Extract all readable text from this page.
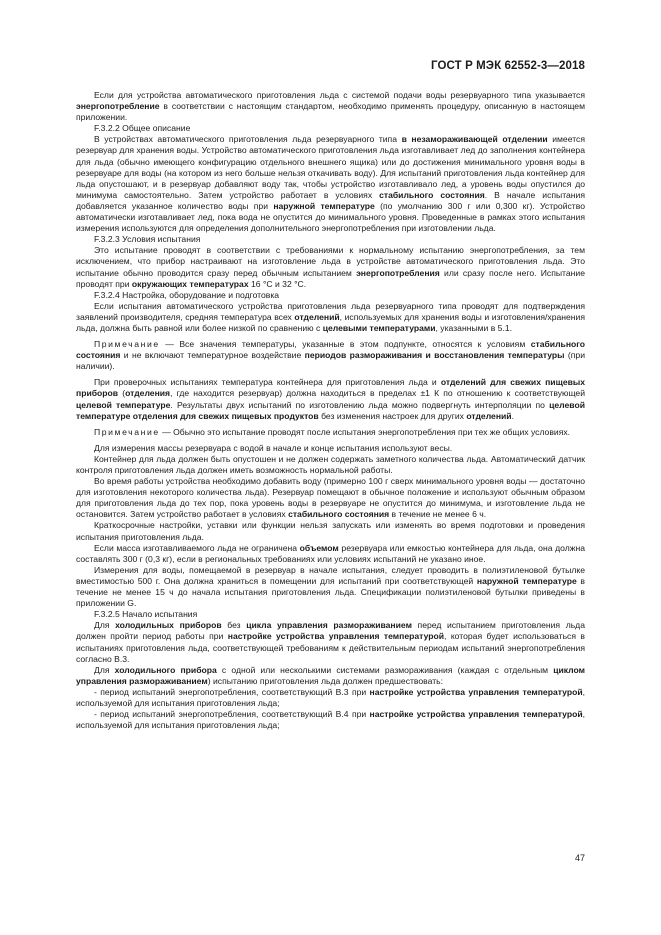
ГОСТ Р МЭК 62552-3—2018

Если для устройства автоматического приготовления льда с системой подачи воды резервуарного типа указывается энергопотребление в соответствии с настоящим стандартом, необходимо применять процедуру, описанную в настоящем приложении.

F.3.2.2 Общее описание

В устройствах автоматического приготовления льда резервуарного типа в незамораживающей отделении имеется резервуар для хранения воды. Устройство автоматического приготовления льда изготавливает лед до заполнения контейнера для льда (обычно имеющего конфигурацию отдельного внешнего ящика) или до достижения минимального уровня воды в резервуаре для воды (на котором из него больше нельзя откачивать воду). Для испытаний приготовления льда контейнер для льда опустошают, и в резервуар добавляют воду так, чтобы устройство изготавливало лед, а уровень воды опустился до минимума самостоятельно. Затем устройство работает в условиях стабильного состояния. В начале испытания добавляется указанное количество воды при наружной температуре (по умолчанию 300 г или 0,300 кг). Устройство автоматически изготавливает лед, пока вода не опустится до минимального уровня. Проведенные в рамках этого испытания измерения используются для определения дополнительного энергопотребления при изготовлении льда.

F.3.2.3 Условия испытания

Это испытание проводят в соответствии с требованиями к нормальному испытанию энергопотребления, за тем исключением, что прибор настраивают на изготовление льда в устройстве автоматического приготовления льда. Это испытание обычно проводится сразу перед обычным испытанием энергопотребления или сразу после него. Испытание проводят при окружающих температурах 16 °С и 32 °С.

F.3.2.4 Настройка, оборудование и подготовка

Если испытания автоматического устройства приготовления льда резервуарного типа проводят для подтверждения заявлений производителя, средняя температура всех отделений, используемых для хранения воды и изготовления/хранения льда, должна быть равной или более низкой по сравнению с целевыми температурами, указанными в 5.1.

Примечание — Все значения температуры, указанные в этом подпункте, относятся к условиям стабильного состояния и не включают температурное воздействие периодов размораживания и восстановления температуры (при наличии).

При проверочных испытаниях температура контейнера для приготовления льда и отделений для свежих пищевых приборов (отделения, где находится резервуар) должна находиться в пределах ±1 К по отношению к соответствующей целевой температуре. Результаты двух испытаний по изготовлению льда можно подвергнуть интерполяции по целевой температуре отделения для свежих пищевых продуктов без изменения настроек для других отделений.

Примечание — Обычно это испытание проводят после испытания энергопотребления при тех же общих условиях.

Для измерения массы резервуара с водой в начале и конце испытания используют весы.

Контейнер для льда должен быть опустошен и не должен содержать заметного количества льда. Автоматический датчик контроля приготовления льда должен иметь возможность нормальной работы.

Во время работы устройства необходимо добавить воду (примерно 100 г сверх минимального уровня воды — достаточно для изготовления некоторого количества льда). Резервуар помещают в обычное положение и используют обычным образом для приготовления льда до тех пор, пока уровень воды в резервуаре не опустится до минимума, и изготовление льда не остановится. Затем устройство работает в условиях стабильного состояния в течение не менее 6 ч.

Краткосрочные настройки, уставки или функции нельзя запускать или изменять во время подготовки и проведения испытания приготовления льда.

Если масса изготавливаемого льда не ограничена объемом резервуара или емкостью контейнера для льда, она должна составлять 300 г (0,3 кг), если в региональных требованиях или условиях испытаний не указано иное.

Измерения для воды, помещаемой в резервуар в начале испытания, следует проводить в полиэтиленовой бутылке вместимостью 500 г. Она должна храниться в помещении для испытаний при соответствующей наружной температуре в течение не менее 15 ч до начала испытания приготовления льда. Спецификации полиэтиленовой бутылки приведены в приложении G.

F.3.2.5 Начало испытания

Для холодильных приборов без цикла управления размораживанием перед испытанием приготовления льда должен пройти период работы при настройке устройства управления температурой, которая будет использоваться в испытаниях приготовления льда, соответствующей требованиям к действительным периодам испытаний энергопотребления согласно В.3.

Для холодильного прибора с одной или несколькими системами размораживания (каждая с отдельным циклом управления размораживанием) испытанию приготовления льда должен предшествовать:

- период испытаний энергопотребления, соответствующий В.3 при настройке устройства управления температурой, используемой для испытания приготовления льда;

- период испытаний энергопотребления, соответствующий В.4 при настройке устройства управления температурой, используемой для испытания приготовления льда;

47
